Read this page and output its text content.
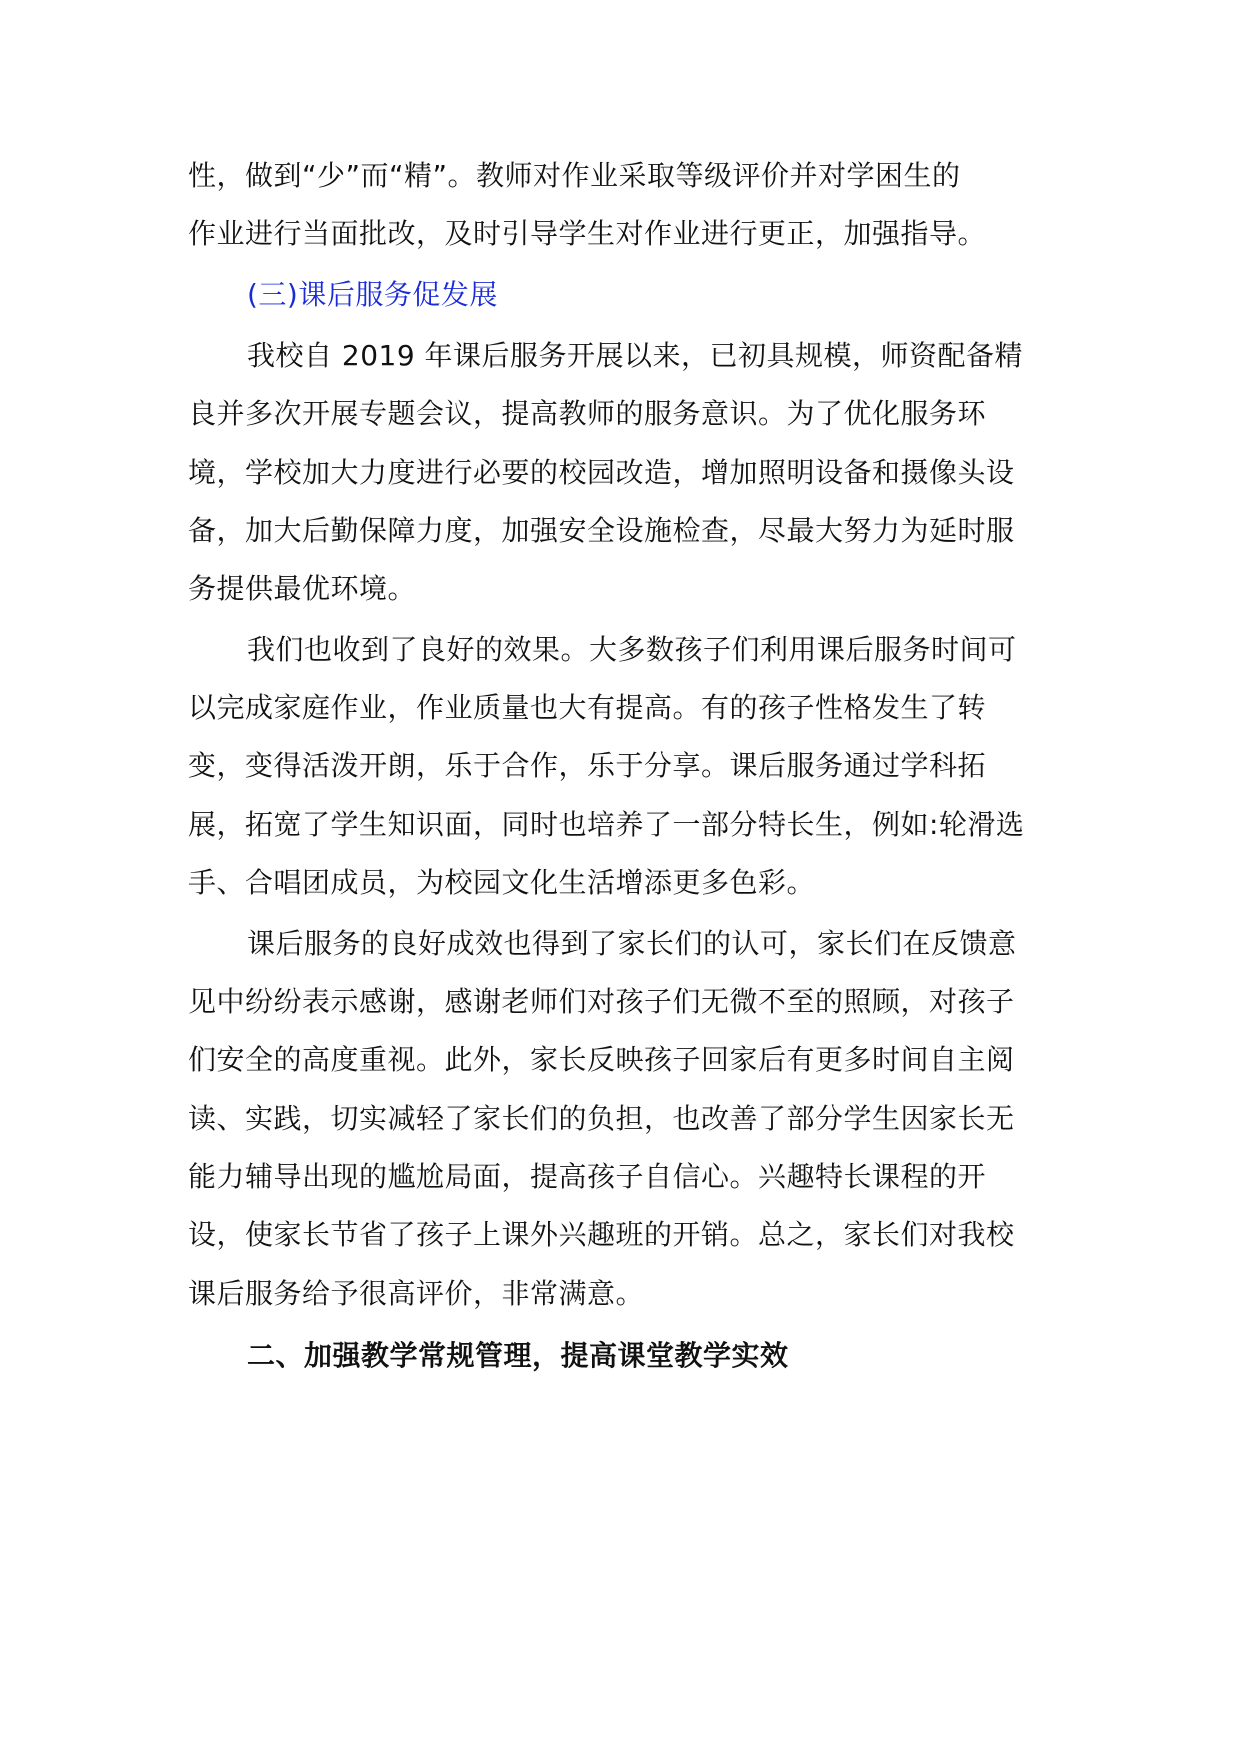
性，做到“少”而“精”。教师对作业采取等级评价并对学困生的
作业进行当面批改，及时引导学生对作业进行更正，加强指导。
(三)课后服务促发展
我校自 2019 年课后服务开展以来，已初具规模，师资配备精
良并多次开展专题会议，提高教师的服务意识。为了优化服务环
境，学校加大力度进行必要的校园改造，增加照明设备和摄像头设
备，加大后勤保障力度，加强安全设施检查，尽最大努力为延时服
务提供最优环境。
我们也收到了良好的效果。大多数孩子们利用课后服务时间可
以完成家庭作业，作业质量也大有提高。有的孩子性格发生了转
变，变得活泼开朗，乐于合作，乐于分享。课后服务通过学科拓
展，拓宽了学生知识面，同时也培养了一部分特长生，例如:轮滑选
手、合唱团成员，为校园文化生活增添更多色彩。
课后服务的良好成效也得到了家长们的认可，家长们在反馈意
见中纷纷表示感谢，感谢老师们对孩子们无微不至的照顾，对孩子
们安全的高度重视。此外，家长反映孩子回家后有更多时间自主阅
读、实践，切实减轻了家长们的负担，也改善了部分学生因家长无
能力辅导出现的尴尬局面，提高孩子自信心。兴趣特长课程的开
设，使家长节省了孩子上课外兴趣班的开销。总之，家长们对我校
课后服务给予很高评价，非常满意。
二、加强教学常规管理，提高课堂教学实效
